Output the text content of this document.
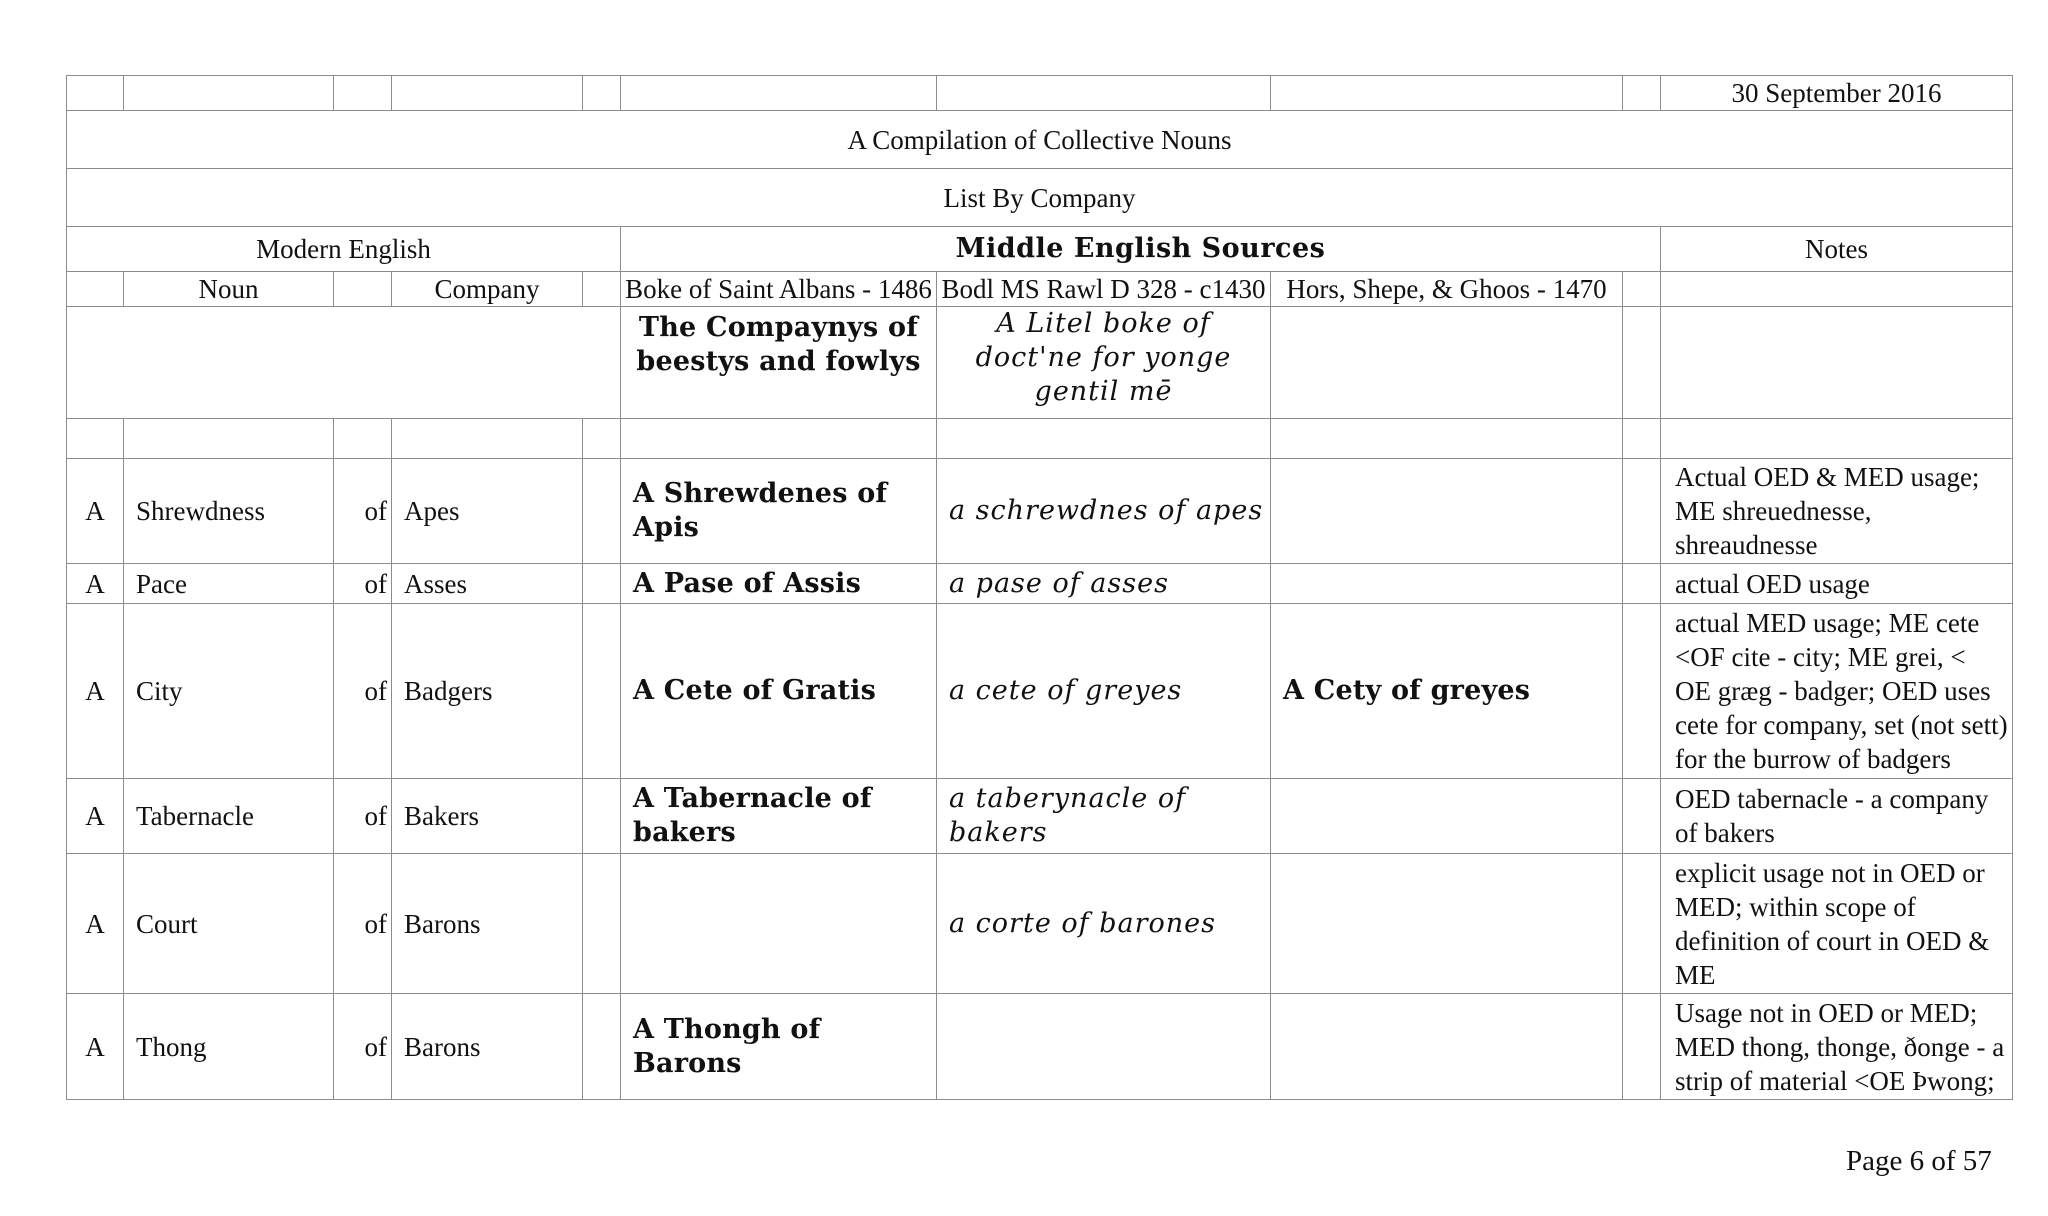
									30 September 2016
A Compilation of Collective Nouns									
List By Company									
Modern English					Middle English Sources				Notes
	Noun		Company		Boke of Saint Albans - 1486	Bodl MS Rawl D 328 - c1430	Hors, Shepe, & Ghoos - 1470		
					The Compaynys of beestys and fowlys	A Litel boke of doct'ne for yonge gentil mē			

A	Shrewdness	of	Apes		A Shrewdenes of Apis	a schrewdnes of apes			Actual OED & MED usage; ME shreuednesse, shreaudnesse
A	Pace	of	Asses		A Pase of Assis	a pase of asses			actual OED usage
A	City	of	Badgers		A Cete of Gratis	a cete of greyes	A Cety of greyes		actual MED usage; ME cete <OF cite - city; ME grei, < OE græg - badger; OED uses cete for company, set (not sett) for the burrow of badgers
A	Tabernacle	of	Bakers		A Tabernacle of bakers	a taberynacle of bakers			OED tabernacle - a company of bakers
A	Court	of	Barons			a corte of barones			explicit usage not in OED or MED; within scope of definition of court in OED & ME
A	Thong	of	Barons		A Thongh of Barons				Usage not in OED or MED; MED thong, thonge, ðonge - a strip of material <OE Þwong;
Page 6 of 57
